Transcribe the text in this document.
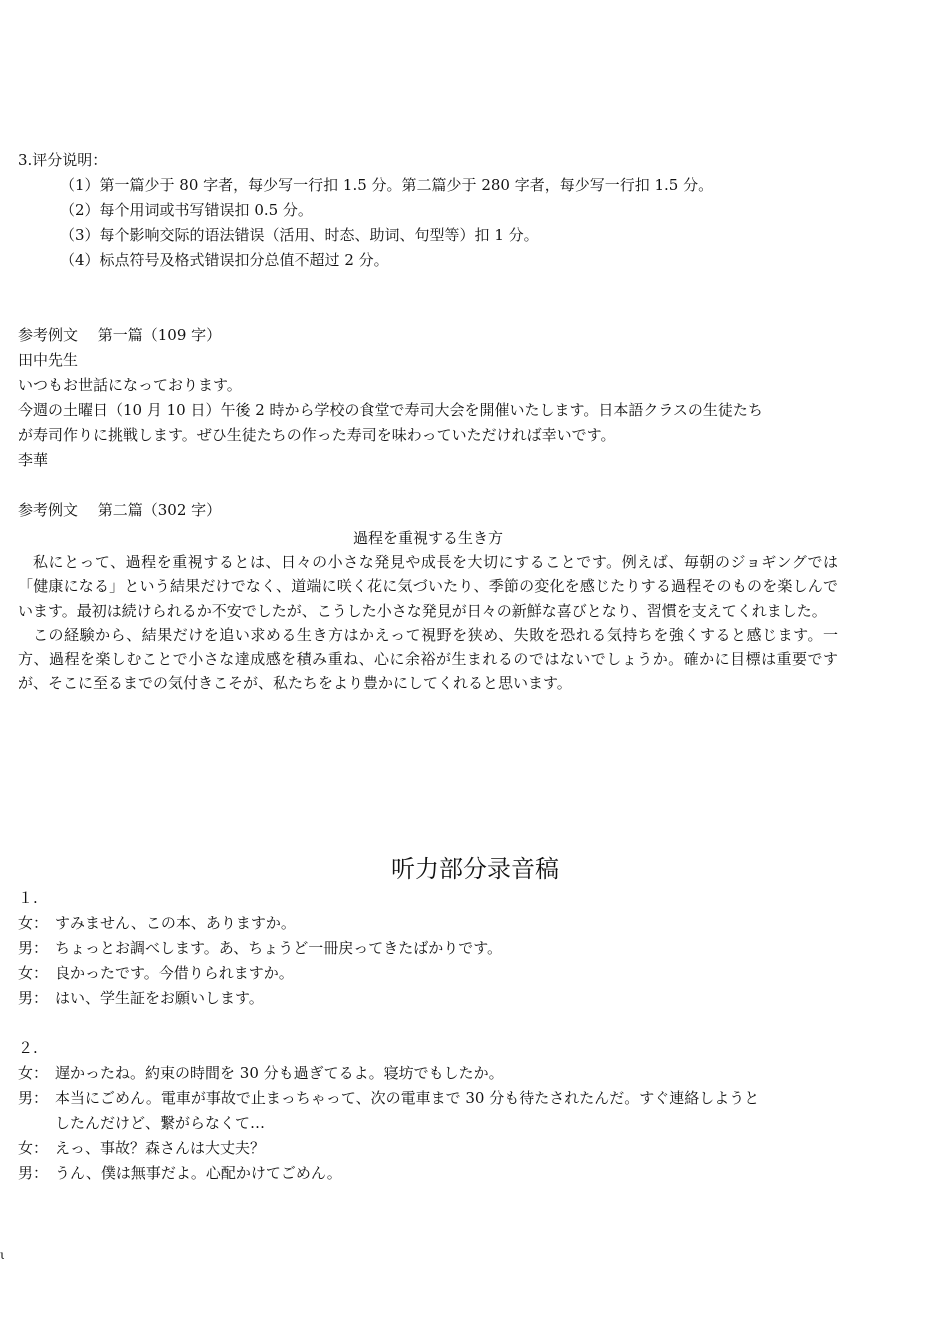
3.评分说明：
（1）第一篇少于 80 字者，每少写一行扣 1.5 分。第二篇少于 280 字者，每少写一行扣 1.5 分。
（2）每个用词或书写错误扣 0.5 分。
（3）每个影响交际的语法错误（活用、时态、助词、句型等）扣 1 分。
（4）标点符号及格式错误扣分总值不超过 2 分。
参考例文　 第一篇（109 字）
田中先生
いつもお世話になっております。
今週の土曜日（10 月 10 日）午後 2 時から学校の食堂で寿司大会を開催いたします。日本語クラスの生徒たち
が寿司作りに挑戦します。ぜひ生徒たちの作った寿司を味わっていただければ幸いです。
李華
参考例文　 第二篇（302 字）
過程を重視する生き方

私にとって、過程を重視するとは、日々の小さな発見や成長を大切にすることです。例えば、毎朝のジョギングでは「健康になる」という結果だけでなく、道端に咲く花に気づいたり、季節の変化を感じたりする過程そのものを楽しんでいます。最初は続けられるか不安でしたが、こうした小さな発見が日々の新鮮な喜びとなり、習慣を支えてくれました。

この経験から、結果だけを追い求める生き方はかえって視野を狭め、失敗を恐れる気持ちを強くすると感じます。一方、過程を楽しむことで小さな達成感を積み重ね、心に余裕が生まれるのではないでしょうか。確かに目標は重要ですが、そこに至るまでの気付きこそが、私たちをより豊かにしてくれると思います。

听力部分录音稿
１.
女： すみません、この本、ありますか。
男： ちょっとお調べします。あ、ちょうど一冊戻ってきたばかりです。
女： 良かったです。今借りられますか。
男： はい、学生証をお願いします。
２.
女： 遅かったね。約束の時間を 30 分も過ぎてるよ。寝坊でもしたか。
男： 本当にごめん。電車が事故で止まっちゃって、次の電車まで 30 分も待たされたんだ。すぐ連絡しようと
したんだけど、繋がらなくて…
女： えっ、事故？森さんは大丈夫？
男： うん、僕は無事だよ。心配かけてごめん。
ι
